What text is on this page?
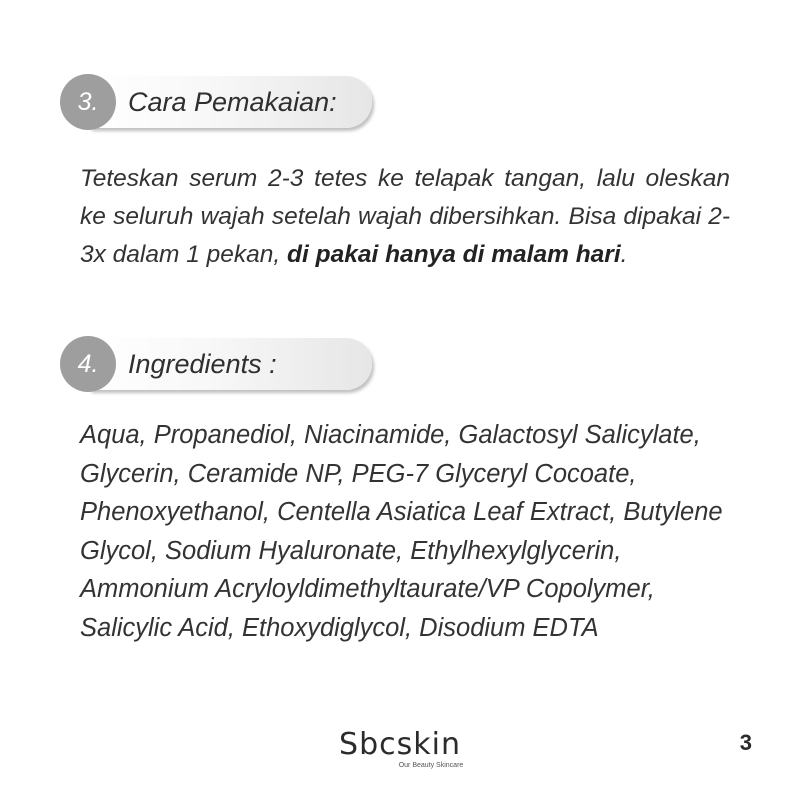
3.	Cara Pemakaian:

Teteskan serum 2-3 tetes ke telapak tangan, lalu oleskan ke seluruh wajah setelah wajah dibersihkan. Bisa dipakai 2-3x dalam 1 pekan, di pakai hanya di malam hari.

4.	Ingredients :

Aqua, Propanediol, Niacinamide, Galactosyl Salicylate, Glycerin, Ceramide NP, PEG-7 Glyceryl Cocoate, Phenoxyethanol, Centella Asiatica Leaf Extract, Butylene Glycol, Sodium Hyaluronate, Ethylhexylglycerin, Ammonium Acryloyldimethyltaurate/VP Copolymer, Salicylic Acid, Ethoxydiglycol, Disodium EDTA

Sbcskin
Our Beauty Skincare
3
